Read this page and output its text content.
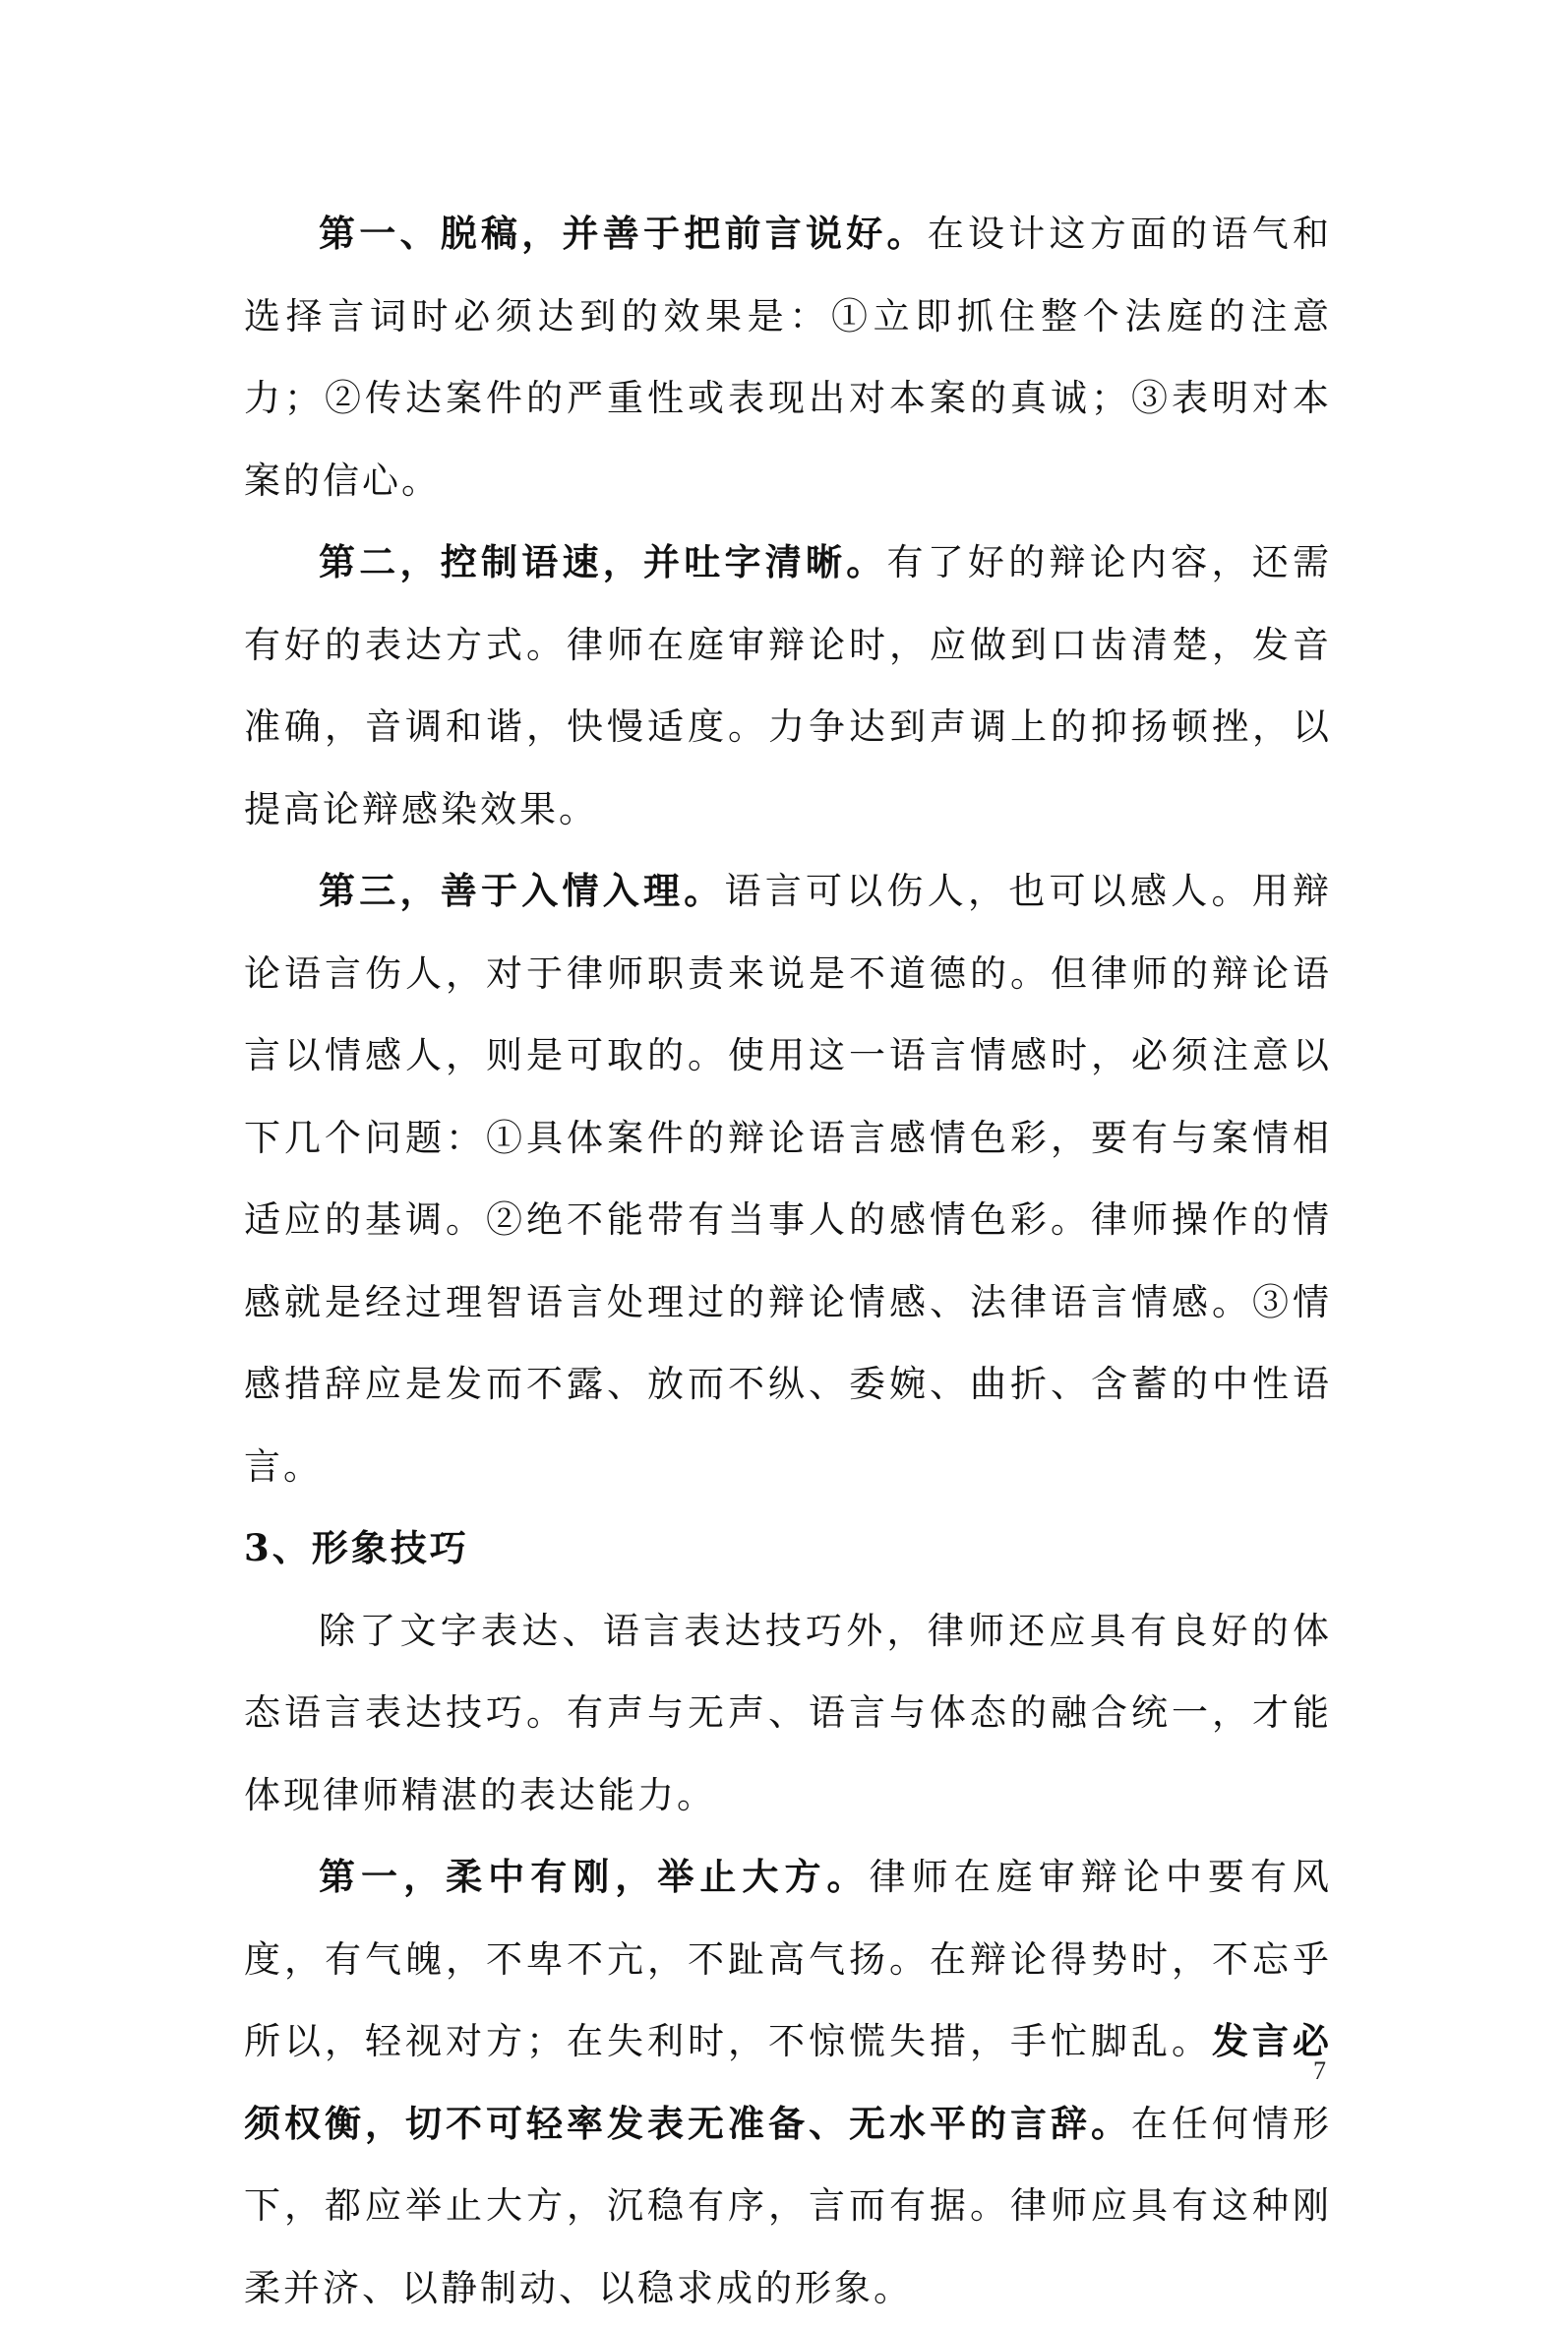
第一、脱稿，并善于把前言说好。在设计这方面的语气和选择言词时必须达到的效果是：①立即抓住整个法庭的注意力；②传达案件的严重性或表现出对本案的真诚；③表明对本案的信心。

第二，控制语速，并吐字清晰。有了好的辩论内容，还需有好的表达方式。律师在庭审辩论时，应做到口齿清楚，发音准确，音调和谐，快慢适度。力争达到声调上的抑扬顿挫，以提高论辩感染效果。

第三，善于入情入理。语言可以伤人，也可以感人。用辩论语言伤人，对于律师职责来说是不道德的。但律师的辩论语言以情感人，则是可取的。使用这一语言情感时，必须注意以下几个问题：①具体案件的辩论语言感情色彩，要有与案情相适应的基调。②绝不能带有当事人的感情色彩。律师操作的情感就是经过理智语言处理过的辩论情感、法律语言情感。③情感措辞应是发而不露、放而不纵、委婉、曲折、含蓄的中性语言。

3、形象技巧

除了文字表达、语言表达技巧外，律师还应具有良好的体态语言表达技巧。有声与无声、语言与体态的融合统一，才能体现律师精湛的表达能力。

第一，柔中有刚，举止大方。律师在庭审辩论中要有风度，有气魄，不卑不亢，不趾高气扬。在辩论得势时，不忘乎所以，轻视对方；在失利时，不惊慌失措，手忙脚乱。发言必须权衡，切不可轻率发表无准备、无水平的言辞。在任何情形下，都应举止大方，沉稳有序，言而有据。律师应具有这种刚柔并济、以静制动、以稳求成的形象。

7
